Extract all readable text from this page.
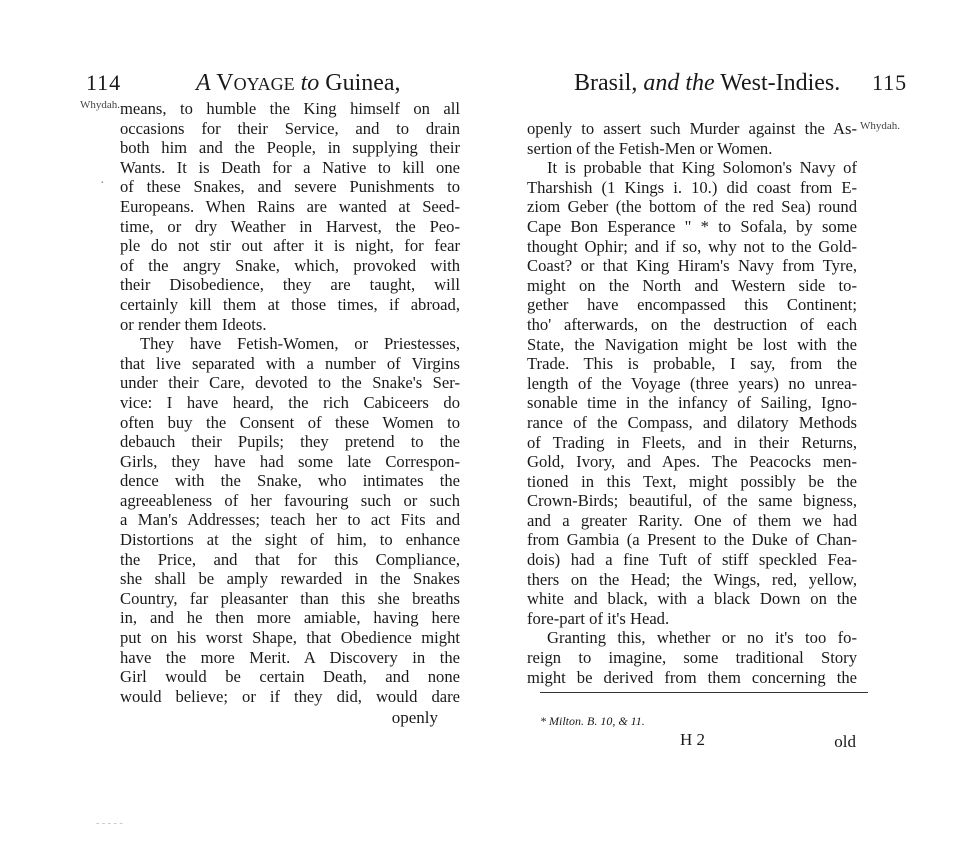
114	A VOYAGE to Guinea,
Whydah. means, to humble the King himself on all

occasions for their Service, and to drain

both him and the People, in supplying their

Wants. It is Death for a Native to kill one

of these Snakes, and severe Punishments to

Europeans. When Rains are wanted at Seed-

time, or dry Weather in Harvest, the Peo-

ple do not stir out after it is night, for fear

of the angry Snake, which, provoked with

their Disobedience, they are taught, will

certainly kill them at those times, if abroad,

or render them Ideots.

They have Fetish-Women, or Priestesses,

that live separated with a number of Virgins

under their Care, devoted to the Snake's Ser-

vice: I have heard, the rich Cabiceers do

often buy the Consent of these Women to

debauch their Pupils; they pretend to the

Girls, they have had some late Correspon-

dence with the Snake, who intimates the

agreeableness of her favouring such or such

a Man's Addresses; teach her to act Fits and

Distortions at the sight of him, to enhance

the Price, and that for this Compliance,

she shall be amply rewarded in the Snakes

Country, far pleasanter than this she breaths

in, and he then more amiable, having here

put on his worst Shape, that Obedience might

have the more Merit. A Discovery in the

Girl would be certain Death, and none

would believe; or if they did, would dare

openly
·
- - - - -
Brasil, and the West-Indies. 115
Whydah.

openly to assert such Murder against the As-

sertion of the Fetish-Men or Women.

It is probable that King Solomon's Navy of

Tharshish (1 Kings i. 10.) did coast from E-

ziom Geber (the bottom of the red Sea) round

Cape Bon Esperance " * to Sofala, by some

thought Ophir; and if so, why not to the Gold-

Coast? or that King Hiram's Navy from Tyre,

might on the North and Western side to-

gether have encompassed this Continent;

tho' afterwards, on the destruction of each

State, the Navigation might be lost with the

Trade. This is probable, I say, from the

length of the Voyage (three years) no unrea-

sonable time in the infancy of Sailing, Igno-

rance of the Compass, and dilatory Methods

of Trading in Fleets, and in their Returns,

Gold, Ivory, and Apes. The Peacocks men-

tioned in this Text, might possibly be the

Crown-Birds; beautiful, of the same bigness,

and a greater Rarity. One of them we had

from Gambia (a Present to the Duke of Chan-

dois) had a fine Tuft of stiff speckled Fea-

thers on the Head; the Wings, red, yellow,

white and black, with a black Down on the

fore-part of it's Head.

Granting this, whether or no it's too fo-

reign to imagine, some traditional Story

might be derived from them concerning the

* Milton. B. 10, & 11.
H 2	old
